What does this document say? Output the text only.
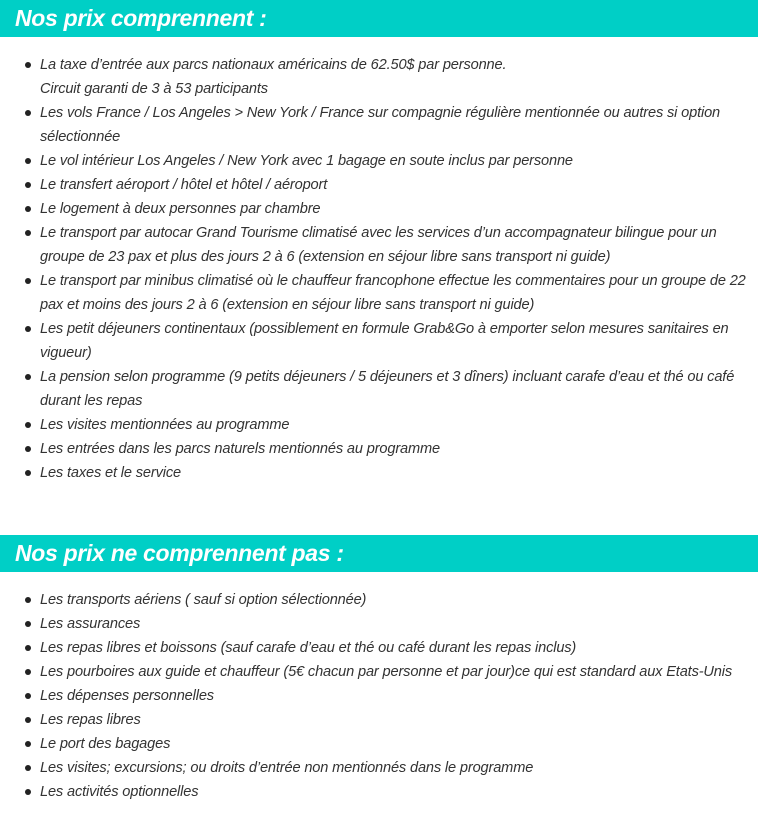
Nos prix comprennent :
La taxe d’entrée aux parcs nationaux américains de 62.50$ par personne.
Circuit garanti de 3 à 53 participants
Les vols France / Los Angeles > New York / France sur compagnie régulière mentionnée ou autres si option sélectionnée
Le vol intérieur Los Angeles / New York avec 1 bagage en soute inclus par personne
Le transfert aéroport / hôtel et hôtel / aéroport
Le logement à deux personnes par chambre
Le transport par autocar Grand Tourisme climatisé avec les services d’un accompagnateur bilingue pour un groupe de 23 pax et plus des jours 2 à 6 (extension en séjour libre sans transport ni guide)
Le transport par minibus climatisé où le chauffeur francophone effectue les commentaires pour un groupe de 22 pax et moins des jours 2 à 6 (extension en séjour libre sans transport ni guide)
Les petit déjeuners continentaux (possiblement en formule Grab&Go à emporter selon mesures sanitaires en vigueur)
La pension selon programme (9 petits déjeuners / 5 déjeuners et 3 dîners) incluant carafe d’eau et thé ou café durant les repas
Les visites mentionnées au programme
Les entrées dans les parcs naturels mentionnés au programme
Les taxes et le service
Nos prix ne comprennent pas :
Les transports aériens ( sauf si option sélectionnée)
Les assurances
Les repas libres et boissons (sauf carafe d’eau et thé ou café durant les repas inclus)
Les pourboires aux guide et chauffeur (5€ chacun par personne et par jour)ce qui est standard aux Etats-Unis
Les dépenses personnelles
Les repas libres
Le port des bagages
Les visites; excursions; ou droits d’entrée non mentionnés dans le programme
Les activités optionnelles
